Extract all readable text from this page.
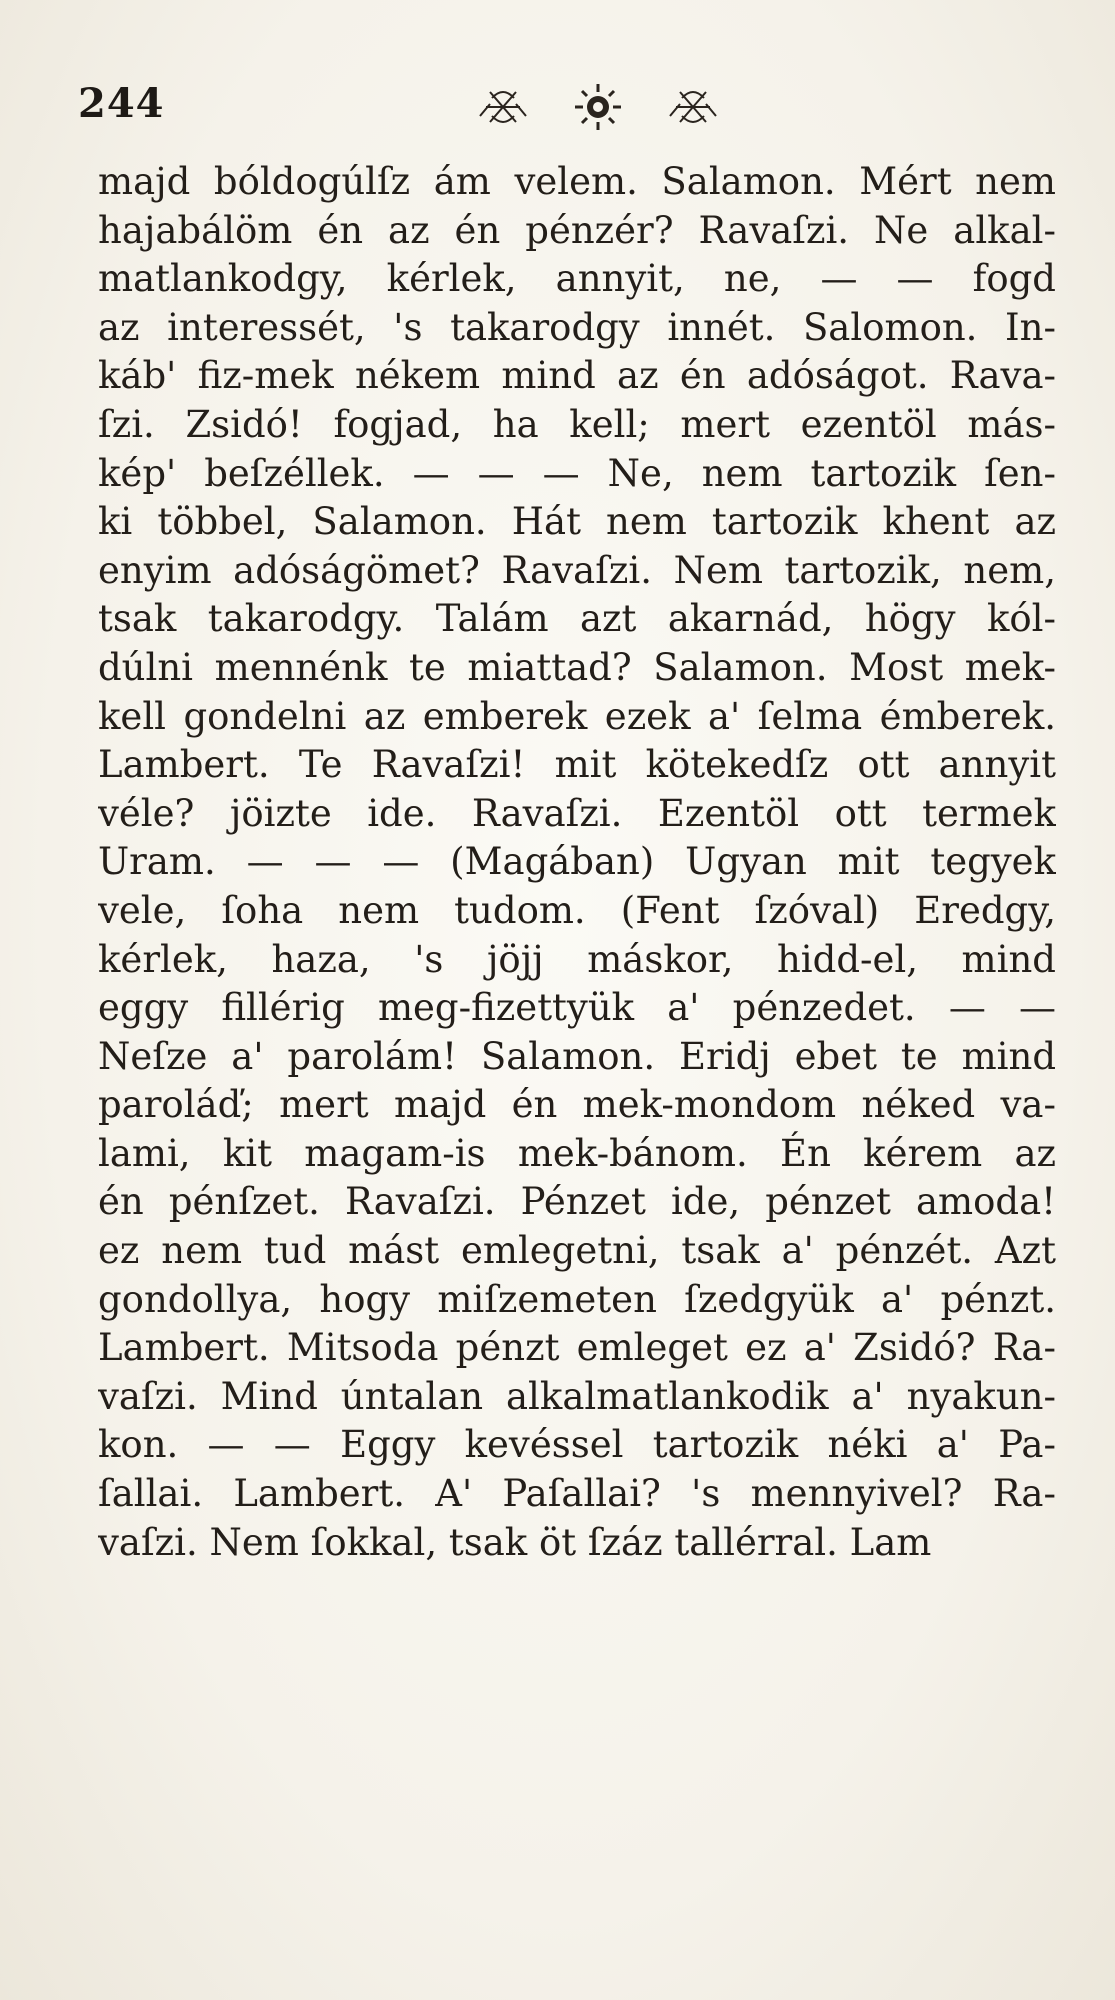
244
majd bóldogúlſz ám velem. Salamon. Mért nem
hajabálöm én az én pénzér? Ravaſzi. Ne alkal-
matlankodgy, kérlek, annyit, ne, — — fogd
az interessét, 's takarodgy innét. Salomon. In-
káb' fiz-mek nékem mind az én adóságot. Rava-
ſzi. Zsidó! fogjad, ha kell; mert ezentöl más-
kép' beſzéllek. — — — Ne, nem tartozik ſen-
ki többel, Salamon. Hát nem tartozik khent az
enyim adóságömet? Ravaſzi. Nem tartozik, nem,
tsak takarodgy. Talám azt akarnád, högy kól-
dúlni mennénk te miattad? Salamon. Most mek-
kell gondelni az emberek ezek a' ſelma émberek.
Lambert. Te Ravaſzi! mit kötekedſz ott annyit
véle? jöizte ide. Ravaſzi. Ezentöl ott termek
Uram. — — — (Magában) Ugyan mit tegyek
vele, ſoha nem tudom. (Fent ſzóval) Eredgy,
kérlek, haza, 's jöjj máskor, hidd-el, mind
eggy fillérig meg-fizettyük a' pénzedet. — —
Neſze a' parolám! Salamon. Eridj ebet te mind
paroláď; mert majd én mek-mondom néked va-
lami, kit magam-is mek-bánom. Én kérem az
én pénſzet. Ravaſzi. Pénzet ide, pénzet amoda!
ez nem tud mást emlegetni, tsak a' pénzét. Azt
gondollya, hogy miſzemeten ſzedgyük a' pénzt.
Lambert. Mitsoda pénzt emleget ez a' Zsidó? Ra-
vaſzi. Mind úntalan alkalmatlankodik a' nyakun-
kon. — — Eggy kevéssel tartozik néki a' Pa-
ſallai. Lambert. A' Paſallai? 's mennyivel? Ra-
vaſzi. Nem ſokkal, tsak öt ſzáz tallérral. Lam
